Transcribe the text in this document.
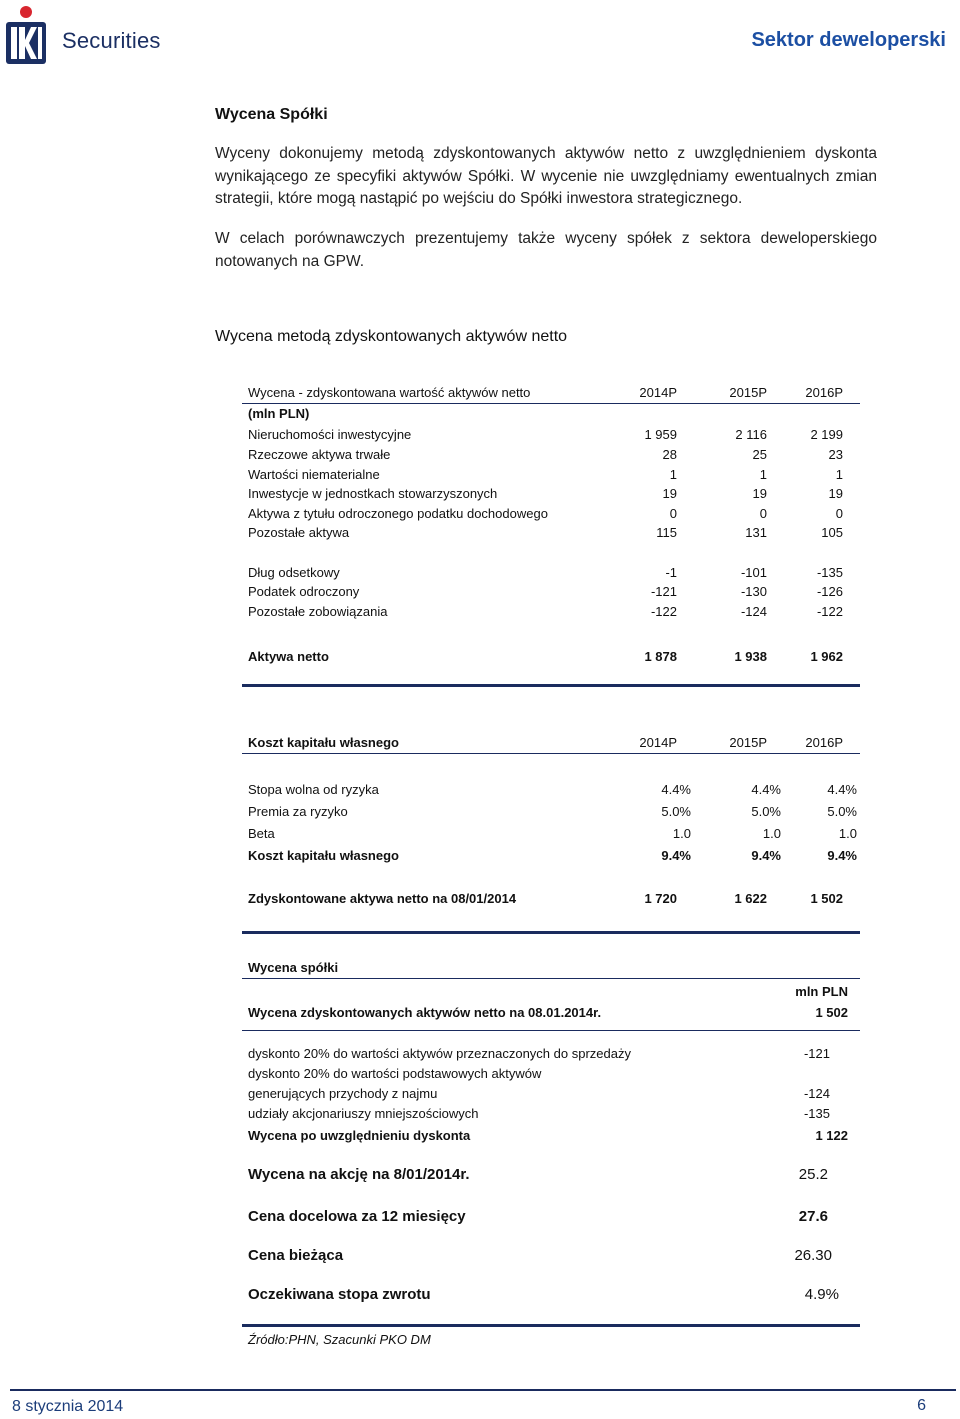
Securities	Sektor deweloperski
Wycena Spółki
Wyceny dokonujemy metodą zdyskontowanych aktywów netto z uwzględnieniem dyskonta wynikającego ze specyfiki aktywów Spółki. W wycenie nie uwzględniamy ewentualnych zmian strategii, które mogą nastąpić po wejściu do Spółki inwestora strategicznego.
W celach porównawczych prezentujemy także wyceny spółek z sektora deweloperskiego notowanych na GPW.
Wycena metodą zdyskontowanych aktywów netto
Wycena - zdyskontowana wartość aktywów netto	2014P	2015P	2016P
(mln PLN)
Nieruchomości inwestycyjne	1 959	2 116	2 199
Rzeczowe aktywa trwałe	28	25	23
Wartości niematerialne	1	1	1
Inwestycje w jednostkach stowarzyszonych	19	19	19
Aktywa z tytułu odroczonego podatku dochodowego	0	0	0
Pozostałe aktywa	115	131	105
Dług odsetkowy	-1	-101	-135
Podatek odroczony	-121	-130	-126
Pozostałe zobowiązania	-122	-124	-122
Aktywa netto	1 878	1 938	1 962
Koszt kapitału własnego	2014P	2015P	2016P
Stopa wolna od ryzyka	4.4%	4.4%	4.4%
Premia za ryzyko	5.0%	5.0%	5.0%
Beta	1.0	1.0	1.0
Koszt kapitału własnego	9.4%	9.4%	9.4%
Zdyskontowane aktywa netto na 08/01/2014	1 720	1 622	1 502
Wycena spółki
mln PLN
Wycena zdyskontowanych aktywów netto na 08.01.2014r.	1 502
dyskonto 20% do wartości aktywów przeznaczonych do sprzedaży	-121
dyskonto 20% do wartości podstawowych aktywów
generujących przychody z najmu	-124
udziały akcjonariuszy mniejszościowych	-135
Wycena po uwzględnieniu dyskonta	1 122
Wycena na akcję na 8/01/2014r.	25.2
Cena docelowa za 12 miesięcy	27.6
Cena bieżąca	26.30
Oczekiwana stopa zwrotu	4.9%
Źródło:PHN, Szacunki PKO DM
8 stycznia 2014	6
